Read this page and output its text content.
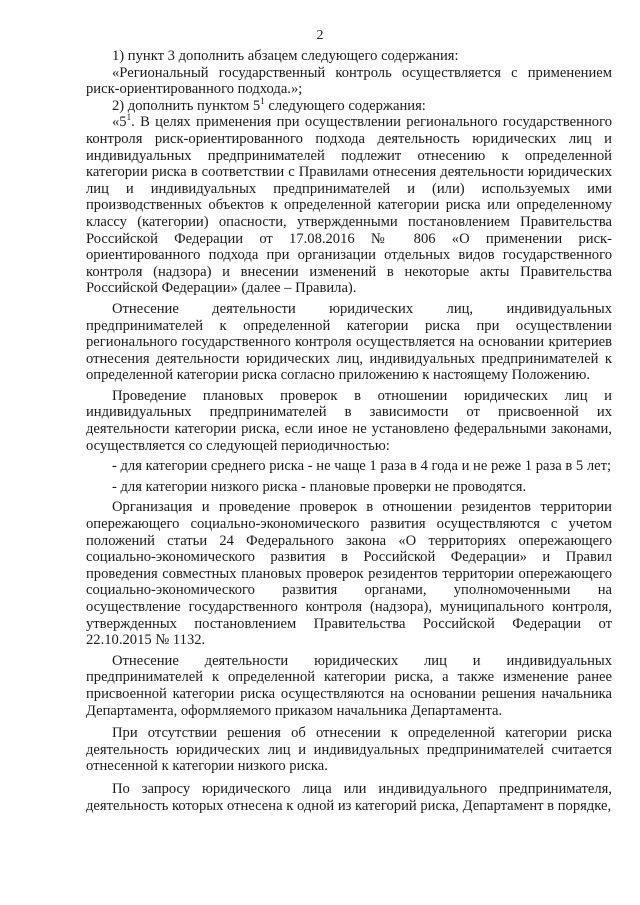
2

1) пункт 3 дополнить абзацем следующего содержания:

«Региональный государственный контроль осуществляется с применением риск-ориентированного подхода.»;

2) дополнить пунктом $5^1$ следующего содержания:

«$5^1$. В целях применения при осуществлении регионального государственного контроля риск-ориентированного подхода деятельность юридических лиц и индивидуальных предпринимателей подлежит отнесению к определенной категории риска в соответствии с Правилами отнесения деятельности юридических лиц и индивидуальных предпринимателей и (или) используемых ими производственных объектов к определенной категории риска или определенному классу (категории) опасности, утвержденными постановлением Правительства Российской Федерации от 17.08.2016 № 806 «О применении риск-ориентированного подхода при организации отдельных видов государственного контроля (надзора) и внесении изменений в некоторые акты Правительства Российской Федерации» (далее – Правила).

Отнесение деятельности юридических лиц, индивидуальных предпринимателей к определенной категории риска при осуществлении регионального государственного контроля осуществляется на основании критериев отнесения деятельности юридических лиц, индивидуальных предпринимателей к определенной категории риска согласно приложению к настоящему Положению.

Проведение плановых проверок в отношении юридических лиц и индивидуальных предпринимателей в зависимости от присвоенной их деятельности категории риска, если иное не установлено федеральными законами, осуществляется со следующей периодичностью:

- для категории среднего риска - не чаще 1 раза в 4 года и не реже 1 раза в 5 лет;

- для категории низкого риска - плановые проверки не проводятся.

Организация и проведение проверок в отношении резидентов территории опережающего социально-экономического развития осуществляются с учетом положений статьи 24 Федерального закона «О территориях опережающего социально-экономического развития в Российской Федерации» и Правил проведения совместных плановых проверок резидентов территории опережающего социально-экономического развития органами, уполномоченными на осуществление государственного контроля (надзора), муниципального контроля, утвержденных постановлением Правительства Российской Федерации от 22.10.2015 № 1132.

Отнесение деятельности юридических лиц и индивидуальных предпринимателей к определенной категории риска, а также изменение ранее присвоенной категории риска осуществляются на основании решения начальника Департамента, оформляемого приказом начальника Департамента.

При отсутствии решения об отнесении к определенной категории риска деятельность юридических лиц и индивидуальных предпринимателей считается отнесенной к категории низкого риска.

По запросу юридического лица или индивидуального предпринимателя, деятельность которых отнесена к одной из категорий риска, Департамент в порядке,
